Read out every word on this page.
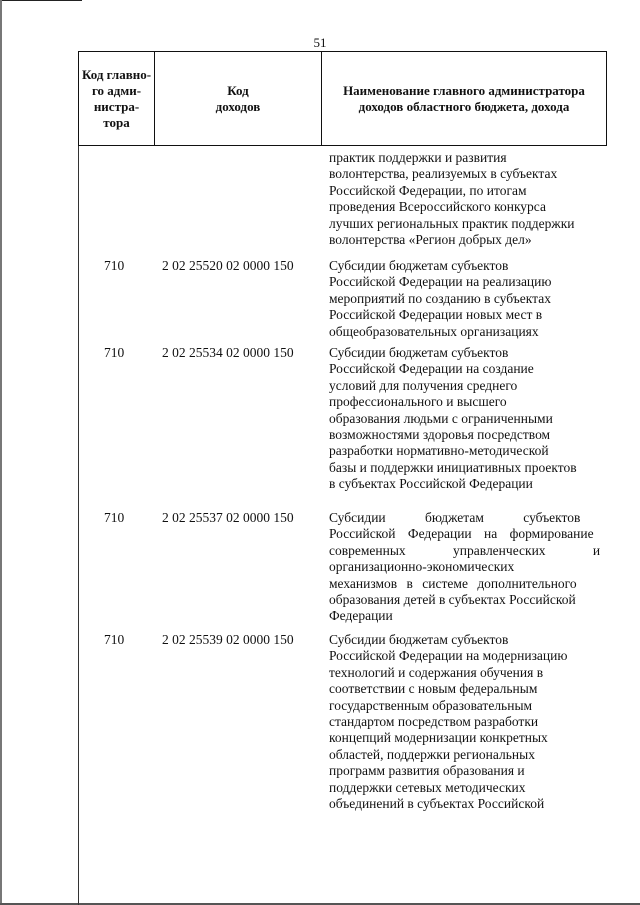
51
Код главно-го адми-нистра-тора
Код доходов
Наименование главного администратора доходов областного бюджета, дохода
практик поддержки и развития
волонтерства, реализуемых в субъектах
Российской Федерации, по итогам
проведения Всероссийского конкурса
лучших региональных практик поддержки
волонтерства «Регион добрых дел»
710	2 02 25520 02 0000 150	Субсидии бюджетам субъектов
Российской Федерации на реализацию
мероприятий по созданию в субъектах
Российской Федерации новых мест в
общеобразовательных организациях
710	2 02 25534 02 0000 150	Субсидии бюджетам субъектов
Российской Федерации на создание
условий для получения среднего
профессионального и высшего
образования людьми с ограниченными
возможностями здоровья посредством
разработки нормативно-методической
базы и поддержки инициативных проектов
в субъектах Российской Федерации
710	2 02 25537 02 0000 150	Субсидии бюджетам субъектов
Российской Федерации на формирование
современных управленческих и
организационно-экономических
механизмов в системе дополнительного
образования детей в субъектах Российской
Федерации
710	2 02 25539 02 0000 150	Субсидии бюджетам субъектов
Российской Федерации на модернизацию
технологий и содержания обучения в
соответствии с новым федеральным
государственным образовательным
стандартом посредством разработки
концепций модернизации конкретных
областей, поддержки региональных
программ развития образования и
поддержки сетевых методических
объединений в субъектах Российской
